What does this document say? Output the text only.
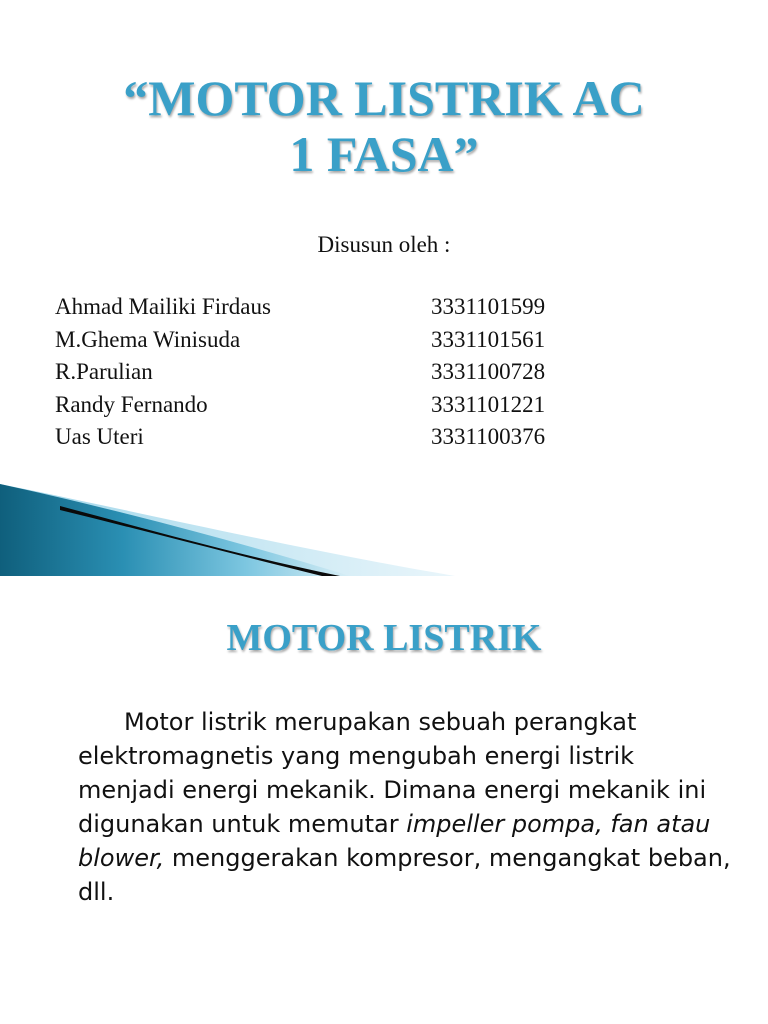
“MOTOR LISTRIK AC
1 FASA”
Disusun oleh :
Ahmad Mailiki Firdaus	3331101599
M.Ghema Winisuda	3331101561
R.Parulian	3331100728
Randy Fernando	3331101221
Uas Uteri	3331100376
MOTOR LISTRIK

Motor listrik merupakan sebuah perangkat elektromagnetis yang mengubah energi listrik menjadi energi mekanik. Dimana energi mekanik ini digunakan untuk memutar impeller pompa, fan atau blower, menggerakan kompresor, mengangkat beban, dll.
